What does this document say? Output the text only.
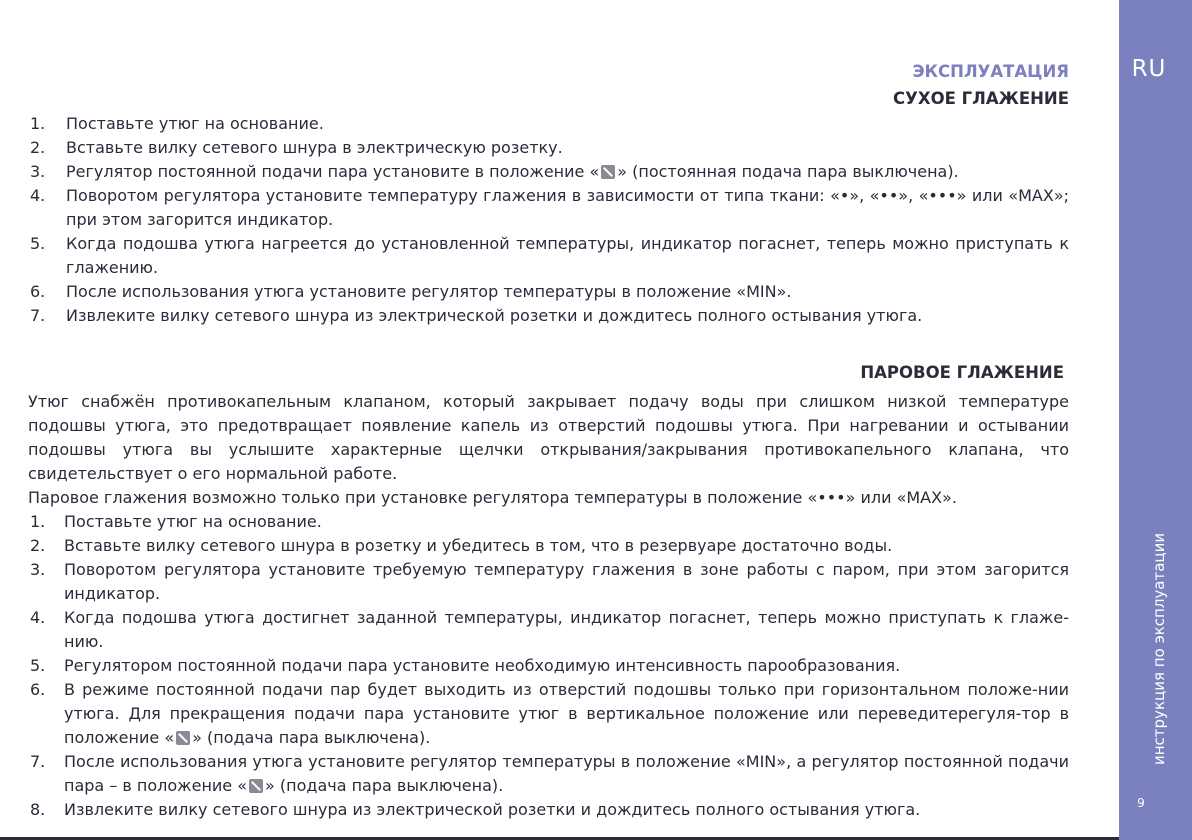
RU
инструкция по эксплуатации
9
ЭКСПЛУАТАЦИЯ
СУХОЕ ГЛАЖЕНИЕ
1. Поставьте утюг на основание.
2. Вставьте вилку сетевого шнура в электрическую розетку.
3. Регулятор постоянной подачи пара установите в положение « » (постоянная подача пара выключена).
4. Поворотом регулятора установите температуру глажения в зависимости от типа ткани: «•», «••», «•••» или «MAX»; при этом загорится индикатор.
5. Когда подошва утюга нагреется до установленной температуры, индикатор погаснет, теперь можно приступать к глажению.
6. После использования утюга установите регулятор температуры в положение «MIN».
7. Извлеките вилку сетевого шнура из электрической розетки и дождитесь полного остывания утюга.
ПАРОВОЕ ГЛАЖЕНИЕ

Утюг снабжён противокапельным клапаном, который закрывает подачу воды при слишком низкой температуре подошвы утюга, это предотвращает появление капель из отверстий подошвы утюга. При нагревании и остывании подошвы утюга вы услышите характерные щелчки открывания/закрывания противокапельного клапана, что свидетельствует о его нормальной работе.

Паровое глажения возможно только при установке регулятора температуры в положение «•••» или «MAX».

1. Поставьте утюг на основание.
2. Вставьте вилку сетевого шнура в розетку и убедитесь в том, что в резервуаре достаточно воды.
3. Поворотом регулятора установите требуемую температуру глажения в зоне работы с паром, при этом загорится индикатор.
4. Когда подошва утюга достигнет заданной температуры, индикатор погаснет, теперь можно приступать к глаже-нию.
5. Регулятором постоянной подачи пара установите необходимую интенсивность парообразования.
6. В режиме постоянной подачи пар будет выходить из отверстий подошвы только при горизонтальном положе-нии утюга. Для прекращения подачи пара установите утюг в вертикальное положение или переведитерегуля-тор в положение « » (подача пара выключена).
7. После использования утюга установите регулятор температуры в положение «MIN», а регулятор постоянной подачи пара – в положение « » (подача пара выключена).
8. Извлеките вилку сетевого шнура из электрической розетки и дождитесь полного остывания утюга.
